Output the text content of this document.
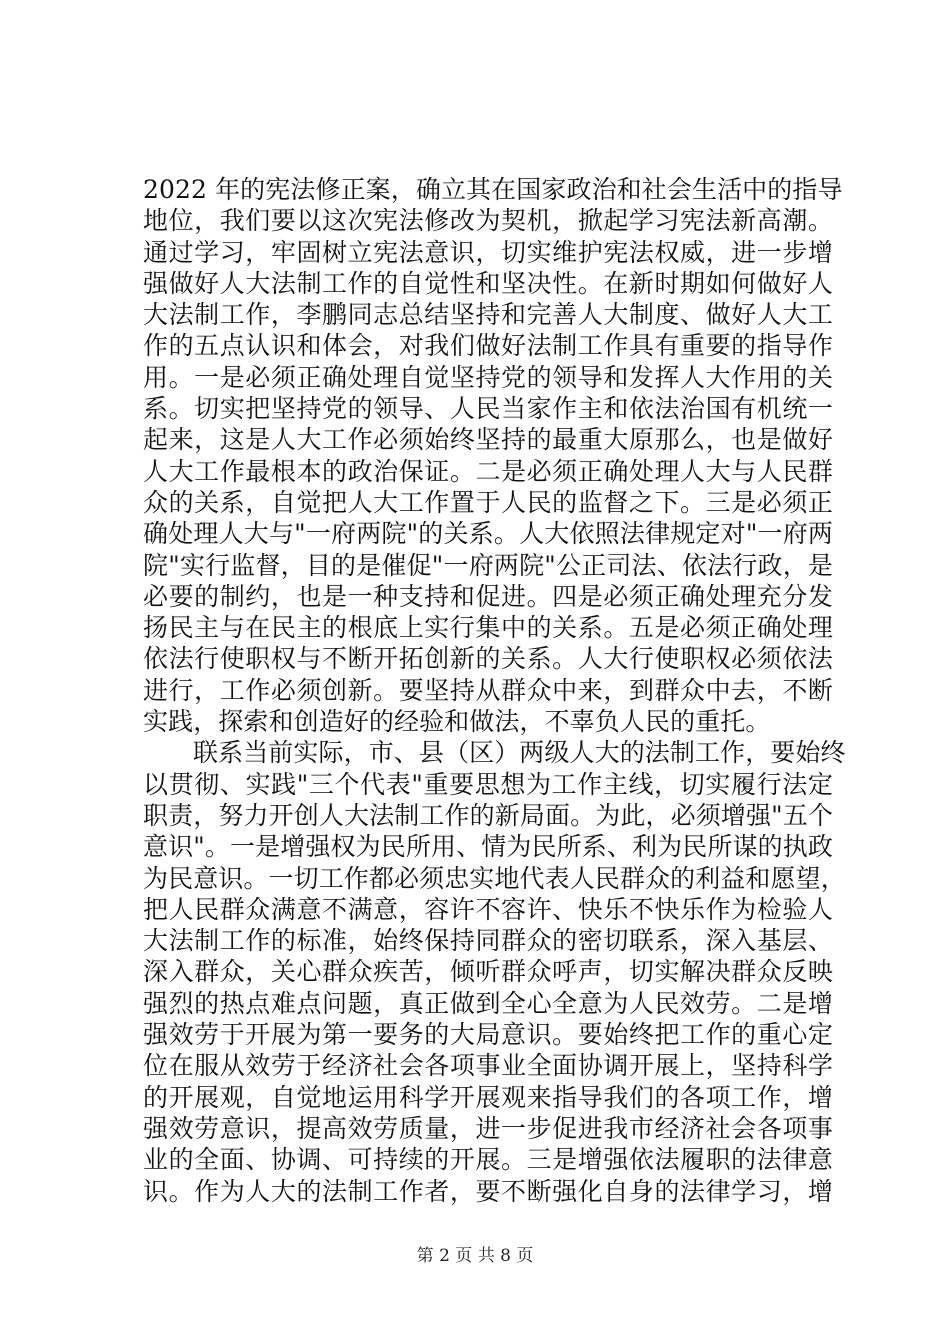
2022 年的宪法修正案，确立其在国家政治和社会生活中的指导
地位，我们要以这次宪法修改为契机，掀起学习宪法新高潮。
通过学习，牢固树立宪法意识，切实维护宪法权威，进一步增
强做好人大法制工作的自觉性和坚决性。在新时期如何做好人
大法制工作，李鹏同志总结坚持和完善人大制度、做好人大工
作的五点认识和体会，对我们做好法制工作具有重要的指导作
用。一是必须正确处理自觉坚持党的领导和发挥人大作用的关
系。切实把坚持党的领导、人民当家作主和依法治国有机统一
起来，这是人大工作必须始终坚持的最重大原那么，也是做好
人大工作最根本的政治保证。二是必须正确处理人大与人民群
众的关系，自觉把人大工作置于人民的监督之下。三是必须正
确处理人大与"一府两院"的关系。人大依照法律规定对"一府两
院"实行监督，目的是催促"一府两院"公正司法、依法行政，是
必要的制约，也是一种支持和促进。四是必须正确处理充分发
扬民主与在民主的根底上实行集中的关系。五是必须正确处理
依法行使职权与不断开拓创新的关系。人大行使职权必须依法
进行，工作必须创新。要坚持从群众中来，到群众中去，不断
实践，探索和创造好的经验和做法，不辜负人民的重托。
联系当前实际，市、县（区）两级人大的法制工作，要始终
以贯彻、实践"三个代表"重要思想为工作主线，切实履行法定
职责，努力开创人大法制工作的新局面。为此，必须增强"五个
意识"。一是增强权为民所用、情为民所系、利为民所谋的执政
为民意识。一切工作都必须忠实地代表人民群众的利益和愿望，
把人民群众满意不满意，容许不容许、快乐不快乐作为检验人
大法制工作的标准，始终保持同群众的密切联系，深入基层、
深入群众，关心群众疾苦，倾听群众呼声，切实解决群众反映
强烈的热点难点问题，真正做到全心全意为人民效劳。二是增
强效劳于开展为第一要务的大局意识。要始终把工作的重心定
位在服从效劳于经济社会各项事业全面协调开展上，坚持科学
的开展观，自觉地运用科学开展观来指导我们的各项工作，增
强效劳意识，提高效劳质量，进一步促进我市经济社会各项事
业的全面、协调、可持续的开展。三是增强依法履职的法律意
识。作为人大的法制工作者，要不断强化自身的法律学习，增
第 2 页 共 8 页
